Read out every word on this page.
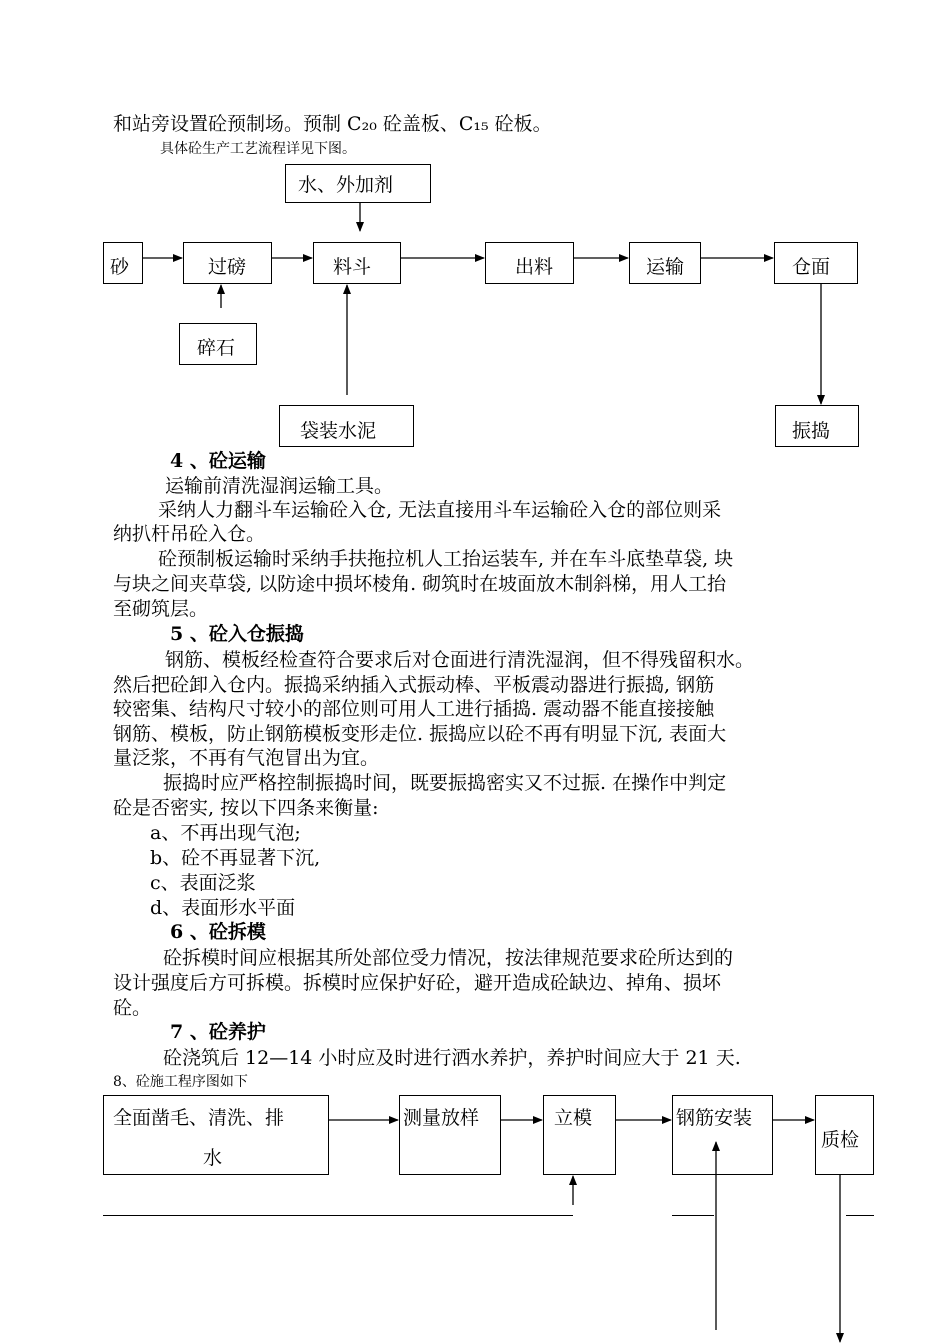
和站旁设置砼预制场。预制 C₂₀ 砼盖板、C₁₅ 砼板。
具体砼生产工艺流程详见下图。
水、外加剂
砂	过磅	料斗	出料	运输	仓面
碎石
袋装水泥	振捣
4 、砼运输
运输前清洗湿润运输工具。
采纳人力翻斗车运输砼入仓, 无法直接用斗车运输砼入仓的部位则采
纳扒杆吊砼入仓。
砼预制板运输时采纳手扶拖拉机人工抬运装车, 并在车斗底垫草袋, 块
与块之间夹草袋, 以防途中损坏棱角. 砌筑时在坡面放木制斜梯，用人工抬
至砌筑层。
5 、砼入仓振捣
钢筋、模板经检查符合要求后对仓面进行清洗湿润，但不得残留积水。
然后把砼卸入仓内。振捣采纳插入式振动棒、平板震动器进行振捣, 钢筋
较密集、结构尺寸较小的部位则可用人工进行插捣. 震动器不能直接接触
钢筋、模板，防止钢筋模板变形走位. 振捣应以砼不再有明显下沉, 表面大
量泛浆，不再有气泡冒出为宜。
振捣时应严格控制振捣时间，既要振捣密实又不过振. 在操作中判定
砼是否密实, 按以下四条来衡量:
a、不再出现气泡;
b、砼不再显著下沉,
c、表面泛浆
d、表面形水平面
6 、砼拆模
砼拆模时间应根据其所处部位受力情况，按法律规范要求砼所达到的
设计强度后方可拆模。拆模时应保护好砼，避开造成砼缺边、掉角、损坏
砼。
7 、砼养护
砼浇筑后 12—14 小时应及时进行洒水养护，养护时间应大于 21 天.
8、砼施工程序图如下
全面凿毛、清洗、排
水
测量放样	立模	钢筋安装
质检
